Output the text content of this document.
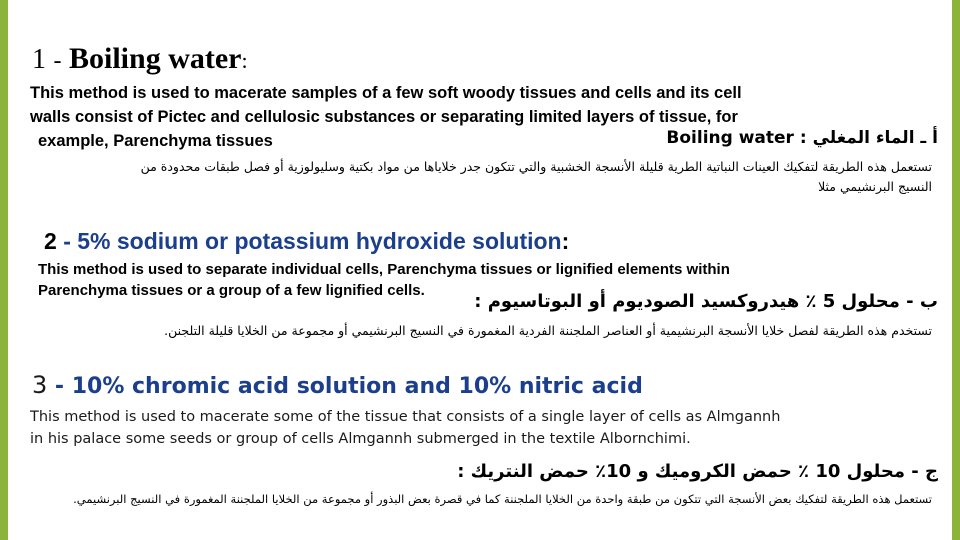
1 - Boiling water:
This method is used to macerate samples of a few soft woody tissues and cells and its cell
walls consist of Pictec and cellulosic substances or separating limited layers of tissue, for
example, Parenchyma tissues	أ ـ الماء المغلي : Boiling water
تستعمل هذه الطريقة لتفكيك العينات النباتية الطرية قليلة الأنسجة الخشبية والتي تتكون جدر خلاياها من مواد بكتية وسليولوزية أو فصل طبقات محدودة من
النسيج البرنشيمي مثلا
2 - 5% sodium or potassium hydroxide solution:
This method is used to separate individual cells, Parenchyma tissues or lignified elements within
Parenchyma tissues or a group of a few lignified cells.
ب - محلول 5 ٪ هيدروكسيد الصوديوم أو البوتاسيوم :
تستخدم هذه الطريقة لفصل خلايا الأنسجة البرنشيمية أو العناصر الملجننة الفردية المغمورة في النسيج البرنشيمي أو مجموعة من الخلايا قليلة التلجنن.
3 - 10% chromic acid solution and 10% nitric acid
This method is used to macerate some of the tissue that consists of a single layer of cells as Almgannh
in his palace some seeds or group of cells Almgannh submerged in the textile Albornchimi.
ج - محلول 10 ٪ حمض الكروميك و 10٪ حمض النتريك :
تستعمل هذه الطريقة لتفكيك بعض الأنسجة التي تتكون من طبقة واحدة من الخلايا الملجننة كما في قصرة بعض البذور أو مجموعة من الخلايا الملجننة المغمورة في النسيج البرنشيمي.
